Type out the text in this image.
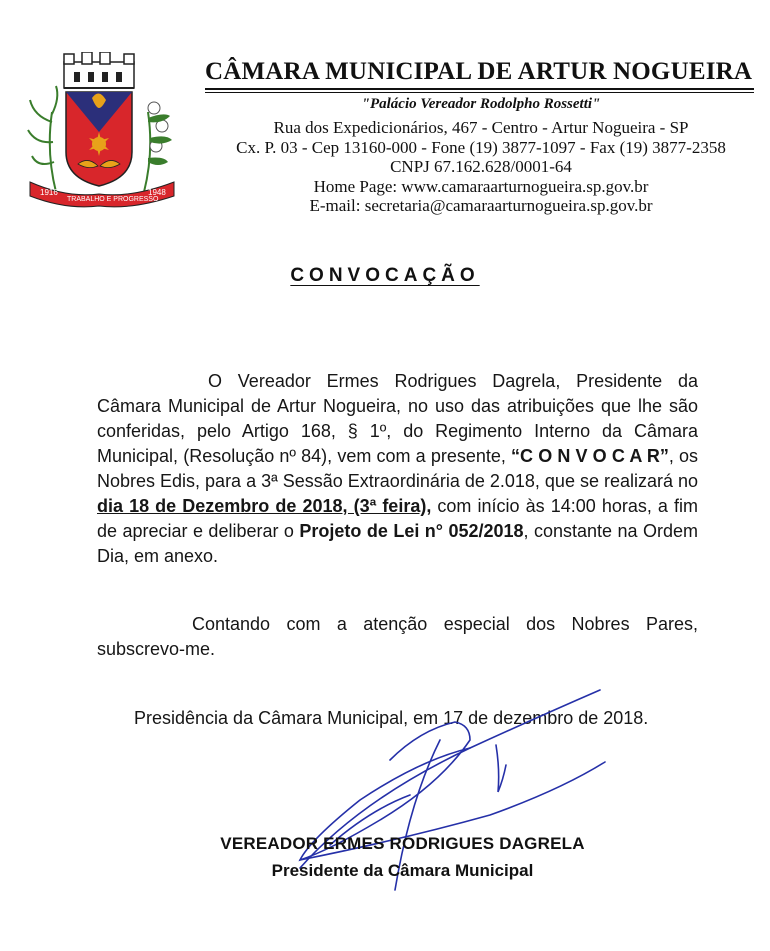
1916
TRABALHO E PROGRESSO
1948
CÂMARA MUNICIPAL DE ARTUR NOGUEIRA
"Palácio Vereador Rodolpho Rossetti"
Rua dos Expedicionários, 467 - Centro - Artur Nogueira - SP
Cx. P. 03 - Cep 13160-000 - Fone (19) 3877-1097 - Fax (19) 3877-2358
CNPJ 67.162.628/0001-64
Home Page: www.camaraarturnogueira.sp.gov.br
E-mail: secretaria@camaraarturnogueira.sp.gov.br
CONVOCAÇÃO
O Vereador Ermes Rodrigues Dagrela, Presidente da Câmara Municipal de Artur Nogueira, no uso das atribuições que lhe são conferidas, pelo Artigo 168, § 1º, do Regimento Interno da Câmara Municipal, (Resolução nº 84), vem com a presente, “C O N V O C A R”, os Nobres Edis, para a 3ª Sessão Extraordinária de 2.018, que se realizará no dia 18 de Dezembro de 2018, (3ª feira), com início às 14:00 horas, a fim de apreciar e deliberar o Projeto de Lei n° 052/2018, constante na Ordem Dia, em anexo.
Contando com a atenção especial dos Nobres Pares, subscrevo-me.
Presidência da Câmara Municipal, em 17 de dezembro de 2018.
VEREADOR ERMES RODRIGUES DAGRELA
Presidente da Câmara Municipal
